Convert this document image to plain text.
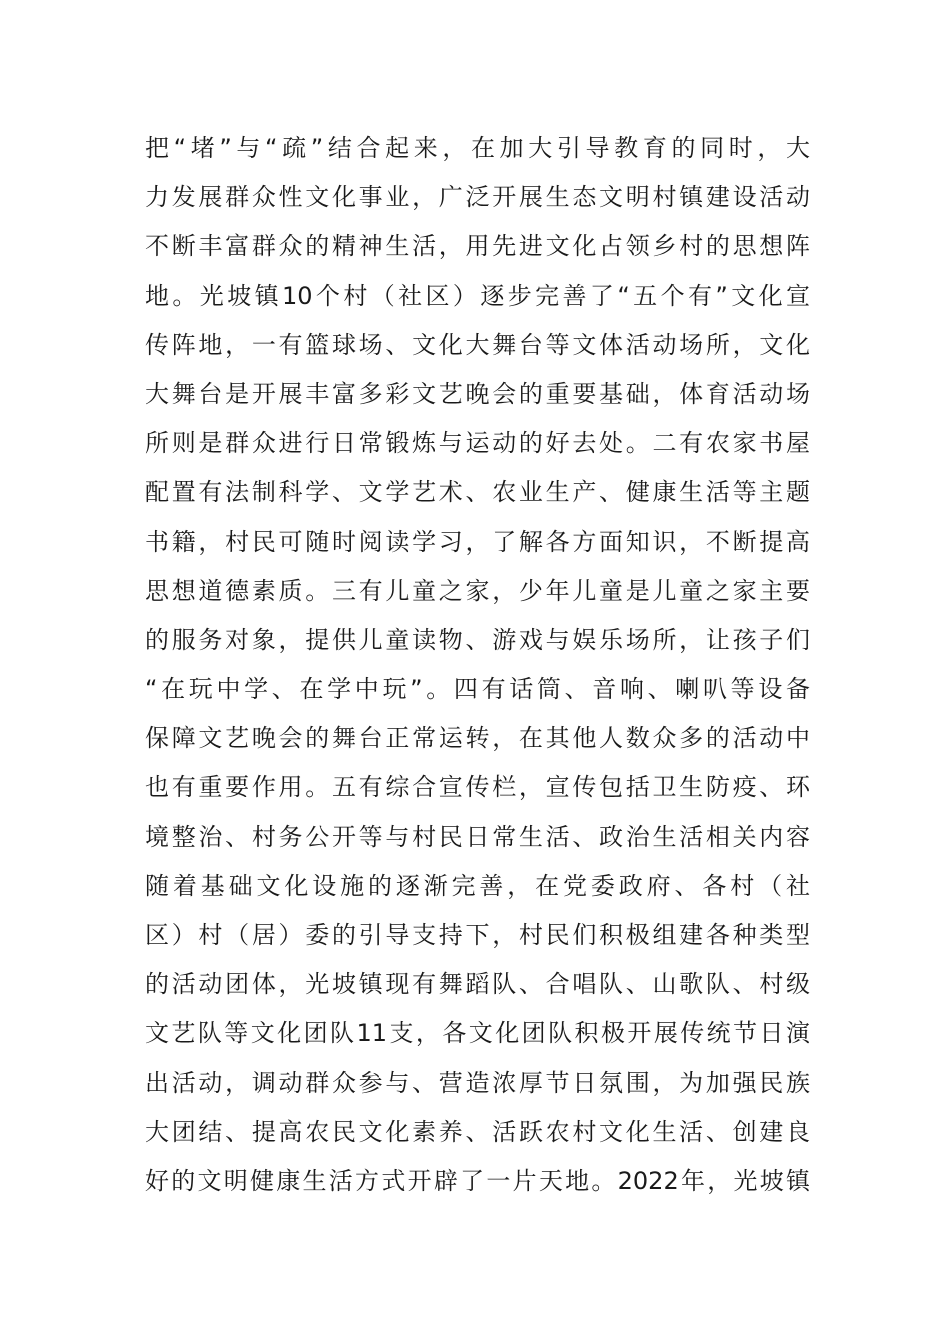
把“堵”与“疏”结合起来，在加大引导教育的同时，大
力发展群众性文化事业，广泛开展生态文明村镇建设活动
不断丰富群众的精神生活，用先进文化占领乡村的思想阵
地。光坡镇10个村（社区）逐步完善了“五个有”文化宣
传阵地，一有篮球场、文化大舞台等文体活动场所，文化
大舞台是开展丰富多彩文艺晚会的重要基础，体育活动场
所则是群众进行日常锻炼与运动的好去处。二有农家书屋
配置有法制科学、文学艺术、农业生产、健康生活等主题
书籍，村民可随时阅读学习，了解各方面知识，不断提高
思想道德素质。三有儿童之家，少年儿童是儿童之家主要
的服务对象，提供儿童读物、游戏与娱乐场所，让孩子们
“在玩中学、在学中玩”。四有话筒、音响、喇叭等设备
保障文艺晚会的舞台正常运转，在其他人数众多的活动中
也有重要作用。五有综合宣传栏，宣传包括卫生防疫、环
境整治、村务公开等与村民日常生活、政治生活相关内容
随着基础文化设施的逐渐完善，在党委政府、各村（社
区）村（居）委的引导支持下，村民们积极组建各种类型
的活动团体，光坡镇现有舞蹈队、合唱队、山歌队、村级
文艺队等文化团队11支，各文化团队积极开展传统节日演
出活动，调动群众参与、营造浓厚节日氛围，为加强民族
大团结、提高农民文化素养、活跃农村文化生活、创建良
好的文明健康生活方式开辟了一片天地。2022年，光坡镇
